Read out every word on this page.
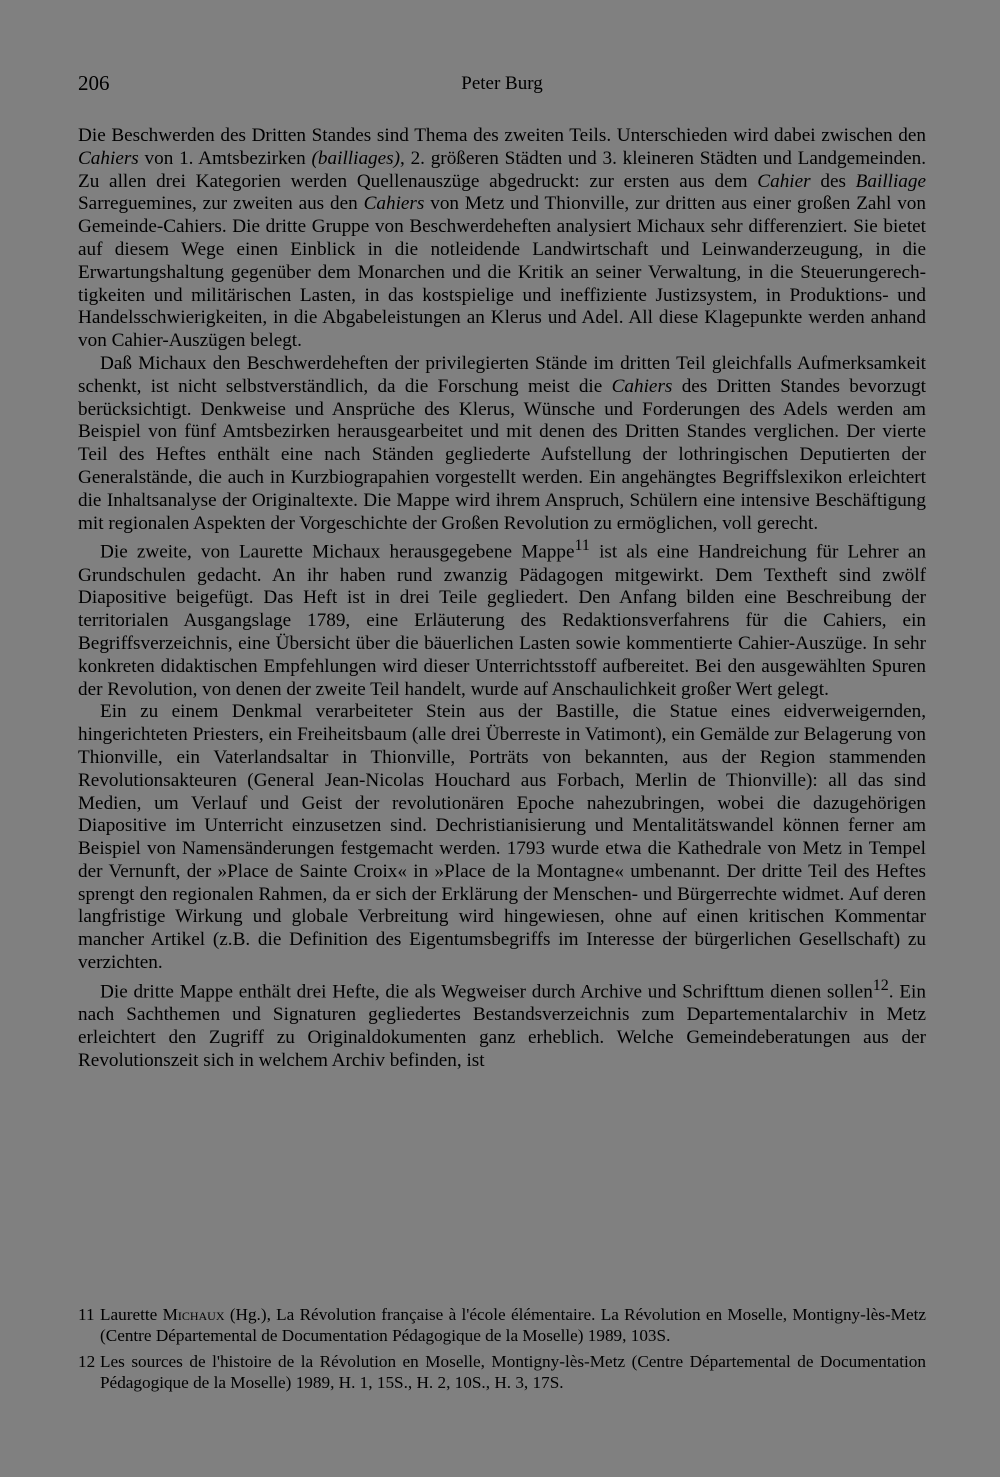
206	Peter Burg

Die Beschwerden des Dritten Standes sind Thema des zweiten Teils. Unterschieden wird dabei zwischen den Cahiers von 1. Amtsbezirken (bailliages), 2. größeren Städten und 3. kleineren Städten und Landgemeinden. Zu allen drei Kategorien werden Quellenauszüge abgedruckt: zur ersten aus dem Cahier des Bailliage Sarreguemines, zur zweiten aus den Cahiers von Metz und Thionville, zur dritten aus einer großen Zahl von Gemeinde-Cahiers. Die dritte Gruppe von Beschwerdeheften analysiert Michaux sehr differenziert. Sie bietet auf diesem Wege einen Einblick in die notleidende Landwirtschaft und Leinwanderzeugung, in die Erwartungshaltung gegenüber dem Monarchen und die Kritik an seiner Verwaltung, in die Steuerungerechtigkeiten und militärischen Lasten, in das kostspielige und ineffiziente Justizsystem, in Produktions- und Handelsschwierigkeiten, in die Abgabeleistungen an Klerus und Adel. All diese Klagepunkte werden anhand von Cahier-Auszügen belegt.

Daß Michaux den Beschwerdeheften der privilegierten Stände im dritten Teil gleichfalls Aufmerksamkeit schenkt, ist nicht selbstverständlich, da die Forschung meist die Cahiers des Dritten Standes bevorzugt berücksichtigt. Denkweise und Ansprüche des Klerus, Wünsche und Forderungen des Adels werden am Beispiel von fünf Amtsbezirken herausgearbeitet und mit denen des Dritten Standes verglichen. Der vierte Teil des Heftes enthält eine nach Ständen gegliederte Aufstellung der lothringischen Deputierten der Generalstände, die auch in Kurzbiograpahien vorgestellt werden. Ein angehängtes Begriffslexikon erleichtert die Inhaltsanalyse der Originaltexte. Die Mappe wird ihrem Anspruch, Schülern eine intensive Beschäftigung mit regionalen Aspekten der Vorgeschichte der Großen Revolution zu ermöglichen, voll gerecht.

Die zweite, von Laurette Michaux herausgegebene Mappe$^{11}$ ist als eine Handreichung für Lehrer an Grundschulen gedacht. An ihr haben rund zwanzig Pädagogen mitgewirkt. Dem Textheft sind zwölf Diapositive beigefügt. Das Heft ist in drei Teile gegliedert. Den Anfang bilden eine Beschreibung der territorialen Ausgangslage 1789, eine Erläuterung des Redaktionsverfahrens für die Cahiers, ein Begriffsverzeichnis, eine Übersicht über die bäuerlichen Lasten sowie kommentierte Cahier-Auszüge. In sehr konkreten didaktischen Empfehlungen wird dieser Unterrichtsstoff aufbereitet. Bei den ausgewählten Spuren der Revolution, von denen der zweite Teil handelt, wurde auf Anschaulichkeit großer Wert gelegt.

Ein zu einem Denkmal verarbeiteter Stein aus der Bastille, die Statue eines eidverweigernden, hingerichteten Priesters, ein Freiheitsbaum (alle drei Überreste in Vatimont), ein Gemälde zur Belagerung von Thionville, ein Vaterlandsaltar in Thionville, Porträts von bekannten, aus der Region stammenden Revolutionsakteuren (General Jean-Nicolas Houchard aus Forbach, Merlin de Thionville): all das sind Medien, um Verlauf und Geist der revolutionären Epoche nahezubringen, wobei die dazugehörigen Diapositive im Unterricht einzusetzen sind. Dechristianisierung und Mentalitätswandel können ferner am Beispiel von Namensänderungen festgemacht werden. 1793 wurde etwa die Kathedrale von Metz in Tempel der Vernunft, der »Place de Sainte Croix« in »Place de la Montagne« umbenannt. Der dritte Teil des Heftes sprengt den regionalen Rahmen, da er sich der Erklärung der Menschen- und Bürgerrechte widmet. Auf deren langfristige Wirkung und globale Verbreitung wird hingewiesen, ohne auf einen kritischen Kommentar mancher Artikel (z.B. die Definition des Eigentumsbegriffs im Interesse der bürgerlichen Gesellschaft) zu verzichten.

Die dritte Mappe enthält drei Hefte, die als Wegweiser durch Archive und Schrifttum dienen sollen$^{12}$. Ein nach Sachthemen und Signaturen gegliedertes Bestandsverzeichnis zum Departementalarchiv in Metz erleichtert den Zugriff zu Originaldokumenten ganz erheblich. Welche Gemeindeberatungen aus der Revolutionszeit sich in welchem Archiv befinden, ist

11 Laurette Michaux (Hg.), La Révolution française à l'école élémentaire. La Révolution en Moselle, Montigny-lès-Metz (Centre Départemental de Documentation Pédagogique de la Moselle) 1989, 103S.
12 Les sources de l'histoire de la Révolution en Moselle, Montigny-lès-Metz (Centre Départemental de Documentation Pédagogique de la Moselle) 1989, H. 1, 15S., H. 2, 10S., H. 3, 17S.
